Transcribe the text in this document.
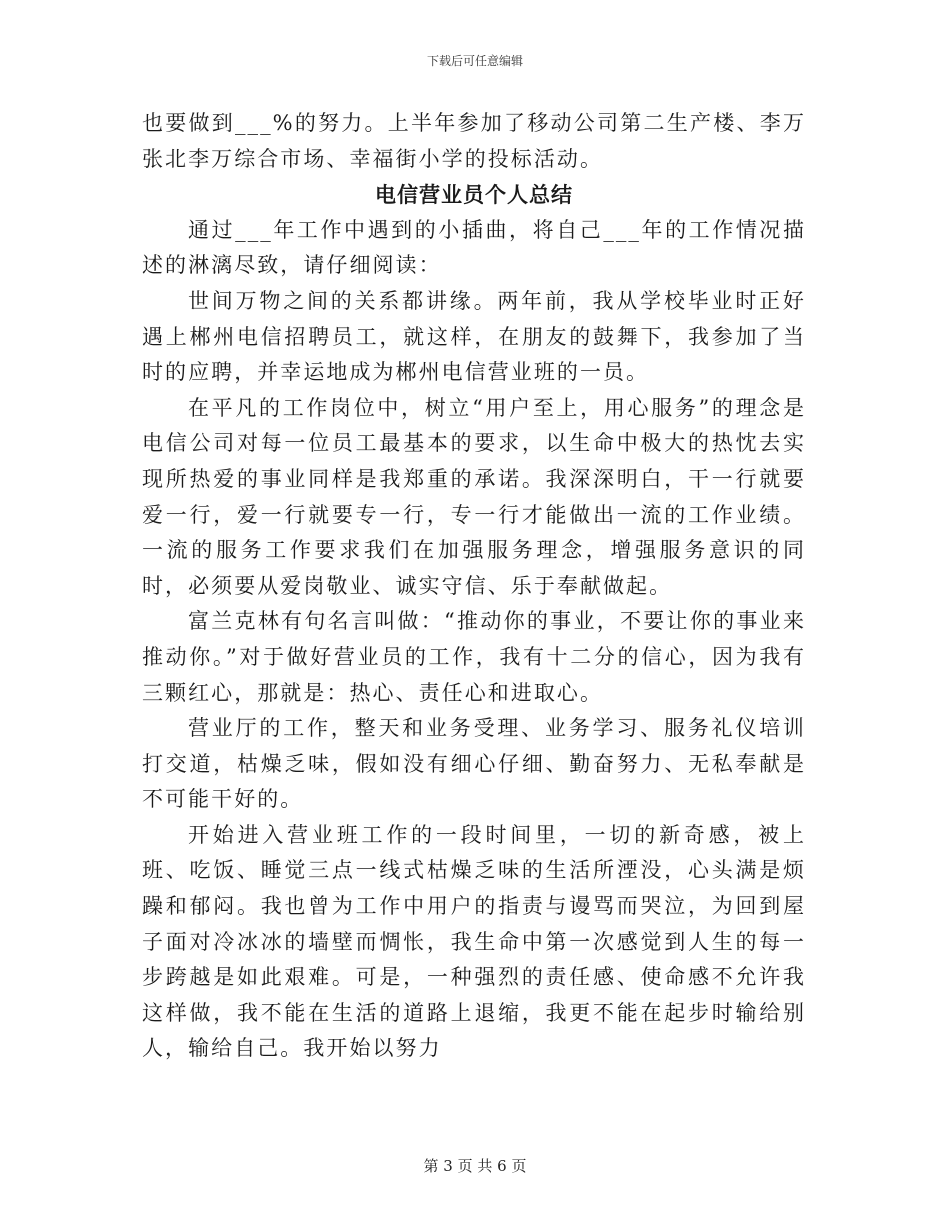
下载后可任意编辑

也要做到___%的努力。上半年参加了移动公司第二生产楼、李万张北李万综合市场、幸福街小学的投标活动。

电信营业员个人总结

通过___年工作中遇到的小插曲，将自己___年的工作情况描述的淋漓尽致，请仔细阅读：

世间万物之间的关系都讲缘。两年前，我从学校毕业时正好遇上郴州电信招聘员工，就这样，在朋友的鼓舞下，我参加了当时的应聘，并幸运地成为郴州电信营业班的一员。

在平凡的工作岗位中，树立“用户至上，用心服务”的理念是电信公司对每一位员工最基本的要求，以生命中极大的热忱去实现所热爱的事业同样是我郑重的承诺。我深深明白，干一行就要爱一行，爱一行就要专一行，专一行才能做出一流的工作业绩。一流的服务工作要求我们在加强服务理念，增强服务意识的同时，必须要从爱岗敬业、诚实守信、乐于奉献做起。

富兰克林有句名言叫做：“推动你的事业，不要让你的事业来推动你。”对于做好营业员的工作，我有十二分的信心，因为我有三颗红心，那就是：热心、责任心和进取心。

营业厅的工作，整天和业务受理、业务学习、服务礼仪培训打交道，枯燥乏味，假如没有细心仔细、勤奋努力、无私奉献是不可能干好的。

开始进入营业班工作的一段时间里，一切的新奇感，被上班、吃饭、睡觉三点一线式枯燥乏味的生活所湮没，心头满是烦躁和郁闷。我也曾为工作中用户的指责与谩骂而哭泣，为回到屋子面对冷冰冰的墙壁而惆怅，我生命中第一次感觉到人生的每一步跨越是如此艰难。可是，一种强烈的责任感、使命感不允许我这样做，我不能在生活的道路上退缩，我更不能在起步时输给别人，输给自己。我开始以努力

第 3 页 共 6 页
